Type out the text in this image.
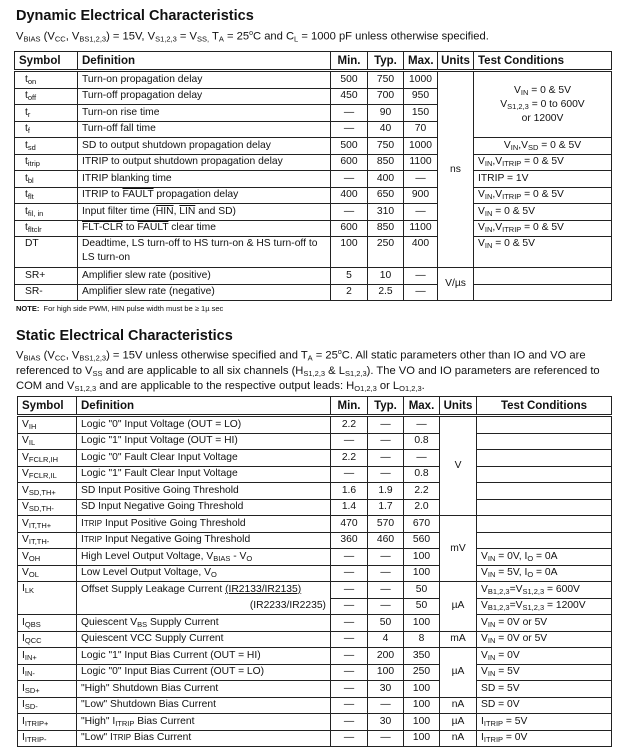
Dynamic Electrical Characteristics
$V_{BIAS}$ ($V_{CC}$, $V_{BS1,2,3}) = 15V$, $V_{S1,2,3} = V_{SS,}$ $T_A = 25^oC$ and $C_L = 1000$ pF unless otherwise specified.
Symbol	Definition	Min.	Typ.	Max.	Units	Test Conditions
$t_{on}$	Turn-on propagation delay	500	750	1000	ns	$V_{IN} = 0$ & 5V
$V_{S1,2,3} = 0$ to 600V
or 1200V

$t_{off}$	Turn-off propagation delay	450	700	950		
$t_r$	Turn-on rise time	—	90	150		
$t_f$	Turn-off fall time	—	40	70		
$t_{sd}$	SD to output shutdown propagation delay	500	750	1000		$V_{IN},V_{SD} = 0$ & 5V
$t_{itrip}$	ITRIP to output shutdown propagation delay	600	850	1100		$V_{IN},V_{ITRIP} = 0$ & 5V
$t_{bl}$	ITRIP blanking time	—	400	—		ITRIP = 1V
$t_{flt}$	ITRIP to FAULT propagation delay	400	650	900		$V_{IN},V_{ITRIP} = 0$ & 5V
$t_{fil, in}$	Input filter time ($\overline{HIN}$, $\overline{LIN}$ and SD)	—	310	—		$V_{IN} = 0$ & 5V
$t_{fltclr}$	FLT-CLR to FAULT clear time	600	850	1100		$V_{IN},V_{ITRIP} = 0$ & 5V
DT	Deadtime, LS turn-off to HS turn-on & HS turn-off to LS turn-on	100	250	400		$V_{IN} = 0$ & 5V
SR+	Amplifier slew rate (positive)	5	10	—	V/µs	
SR-	Amplifier slew rate (negative)	2	2.5	—		
NOTE: For high side PWM, HIN pulse width must be ≥ 1µ sec
Static Electrical Characteristics
$V_{BIAS}$ ($V_{CC}$, $V_{BS1,2,3}) = 15V$ unless otherwise specified and $T_A = 25^oC$. All static parameters other than IO and VO are referenced to $V_{SS}$ and are applicable to all six channels ($H_{S1,2,3}$ & $L_{S1,2,3}$). The VO and IO parameters are referenced to COM and $V_{S1,2,3}$ and are applicable to the respective output leads: $H_{O1,2,3}$ or $L_{O1,2,3}$.
Symbol	Definition	Min.	Typ.	Max.	Units	Test Conditions
$V_{IH}$	Logic "0" Input Voltage (OUT = LO)	2.2	—	—	V	
$V_{IL}$	Logic "1" Input Voltage (OUT = HI)	—	—	0.8		
$V_{FCLR,IH}$	Logic "0" Fault Clear Input Voltage	2.2	—	—		
$V_{FCLR,IL}$	Logic "1" Fault Clear Input Voltage	—	—	0.8		
$V_{SD,TH+}$	SD Input Positive Going Threshold	1.6	1.9	2.2		
$V_{SD,TH-}$	SD Input Negative Going Threshold	1.4	1.7	2.0		
$V_{IT,TH+}$	ITRIP Input Positive Going Threshold	470	570	670	mV	
$V_{IT,TH-}$	ITRIP Input Negative Going Threshold	360	460	560		
$V_{OH}$	High Level Output Voltage, $V_{BIAS} - V_O$	—	—	100		$V_{IN} = 0V$, $I_O = 0A$
$V_{OL}$	Low Level Output Voltage, $V_O$	—	—	100		$V_{IN} = 5V$, $I_O = 0A$
$I_{LK}$	Offset Supply Leakage Current (IR2133/IR2135)	—	—	50	µA	$V_{B1,2,3}=V_{S1,2,3} = 600V$
	(IR2233/IR2235)	—	—	50		$V_{B1,2,3}=V_{S1,2,3} = 1200V$
$I_{QBS}$	Quiescent $V_{BS}$ Supply Current	—	50	100		$V_{IN} = 0V$ or 5V
$I_{QCC}$	Quiescent VCC Supply Current	—	4	8	mA	$V_{IN} = 0V$ or 5V
$I_{IN+}$	Logic "1" Input Bias Current (OUT = HI)	—	200	350	µA	$V_{IN} = 0V$
$I_{IN-}$	Logic "0" Input Bias Current (OUT = LO)	—	100	250		$V_{IN} = 5V$
$I_{SD+}$	"High" Shutdown Bias Current	—	30	100		SD = 5V
$I_{SD-}$	"Low" Shutdown Bias Current	—	—	100	nA	SD = 0V
$I_{ITRIP+}$	"High" $I_{ITRIP}$ Bias Current	—	30	100	µA	$I_{ITRIP} = 5V$
$I_{ITRIP-}$	"Low" ITRIP Bias Current	—	—	100	nA	$I_{ITRIP} = 0V$
